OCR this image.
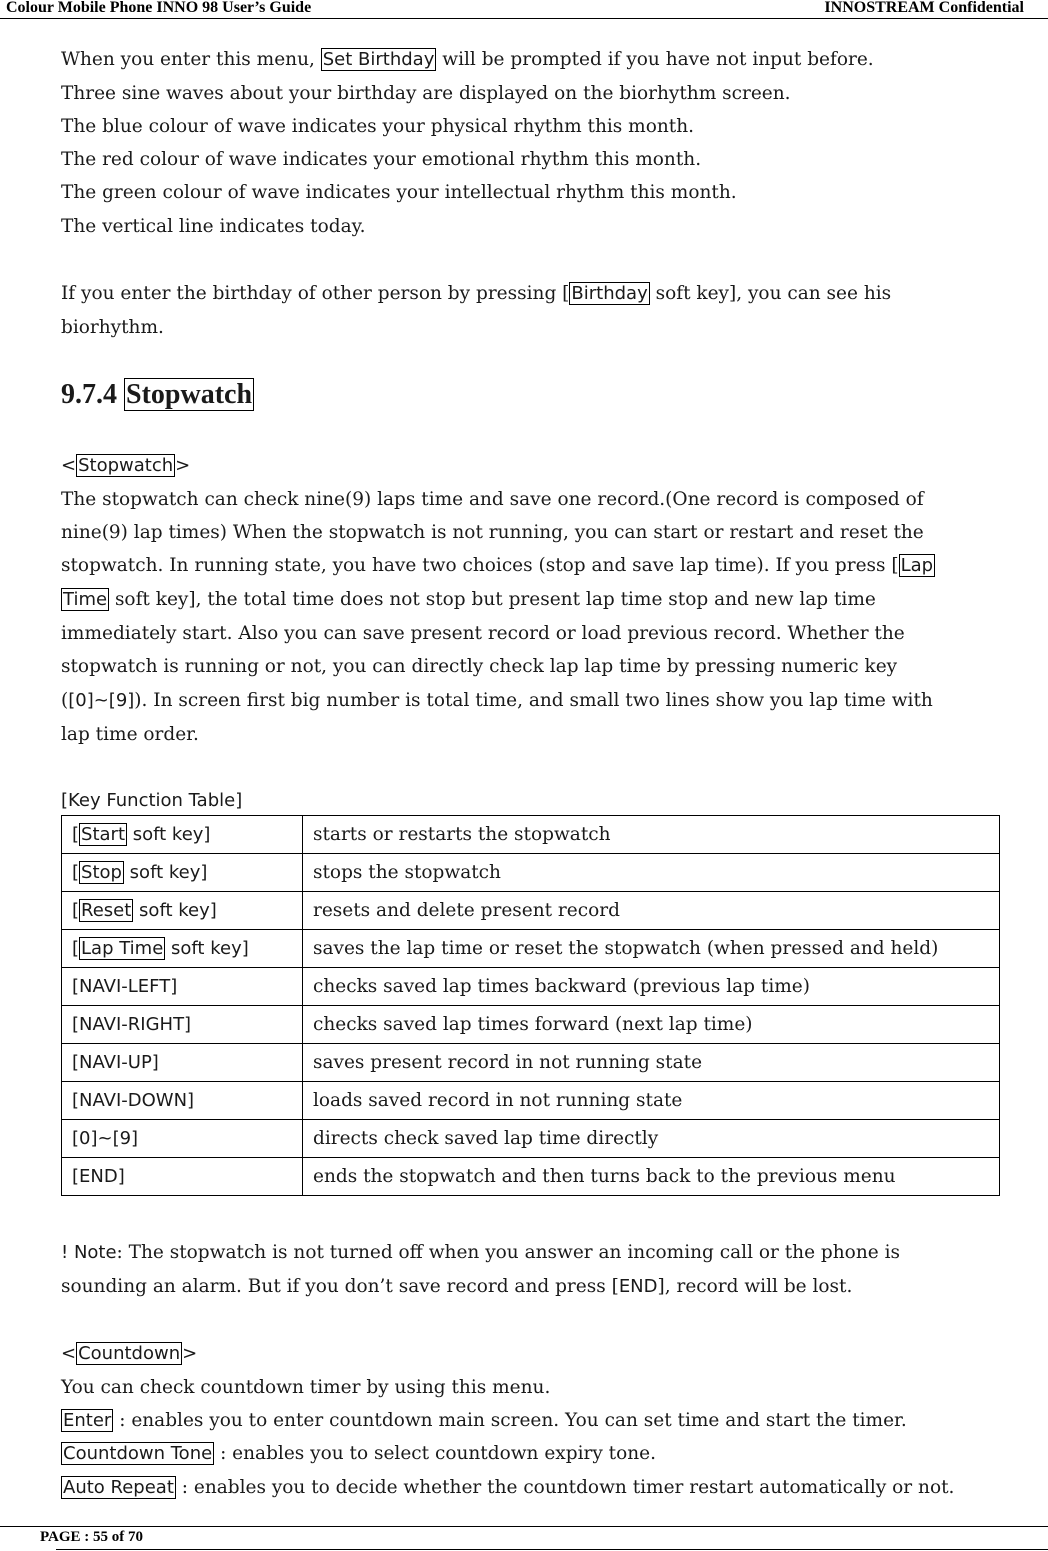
Colour Mobile Phone INNO 98 User’s Guide	INNOSTREAM Confidential
When you enter this menu, Set Birthday will be prompted if you have not input before.
Three sine waves about your birthday are displayed on the biorhythm screen.
The blue colour of wave indicates your physical rhythm this month.
The red colour of wave indicates your emotional rhythm this month.
The green colour of wave indicates your intellectual rhythm this month.
The vertical line indicates today.
If you enter the birthday of other person by pressing [ Birthday soft key], you can see his
biorhythm.
9.7.4 Stopwatch
< Stopwatch >
The stopwatch can check nine(9) laps time and save one record.(One record is composed of
nine(9) lap times) When the stopwatch is not running, you can start or restart and reset the
stopwatch. In running state, you have two choices (stop and save lap time). If you press [ Lap
Time soft key], the total time does not stop but present lap time stop and new lap time
immediately start. Also you can save present record or load previous record. Whether the
stopwatch is running or not, you can directly check lap lap time by pressing numeric key
([0]~[9]). In screen first big number is total time, and small two lines show you lap time with
lap time order.
[Key Function Table]
[ Start soft key]	starts or restarts the stopwatch
[ Stop soft key]	stops the stopwatch
[ Reset soft key]	resets and delete present record
[ Lap Time soft key]	saves the lap time or reset the stopwatch (when pressed and held)
[NAVI-LEFT]	checks saved lap times backward (previous lap time)
[NAVI-RIGHT]	checks saved lap times forward (next lap time)
[NAVI-UP]	saves present record in not running state
[NAVI-DOWN]	loads saved record in not running state
[0]~[9]	directs check saved lap time directly
[END]	ends the stopwatch and then turns back to the previous menu
! Note: The stopwatch is not turned off when you answer an incoming call or the phone is
sounding an alarm. But if you don’t save record and press [END], record will be lost.
< Countdown >
You can check countdown timer by using this menu.
Enter : enables you to enter countdown main screen. You can set time and start the timer.
Countdown Tone : enables you to select countdown expiry tone.
Auto Repeat : enables you to decide whether the countdown timer restart automatically or not.
PAGE : 55 of 70
